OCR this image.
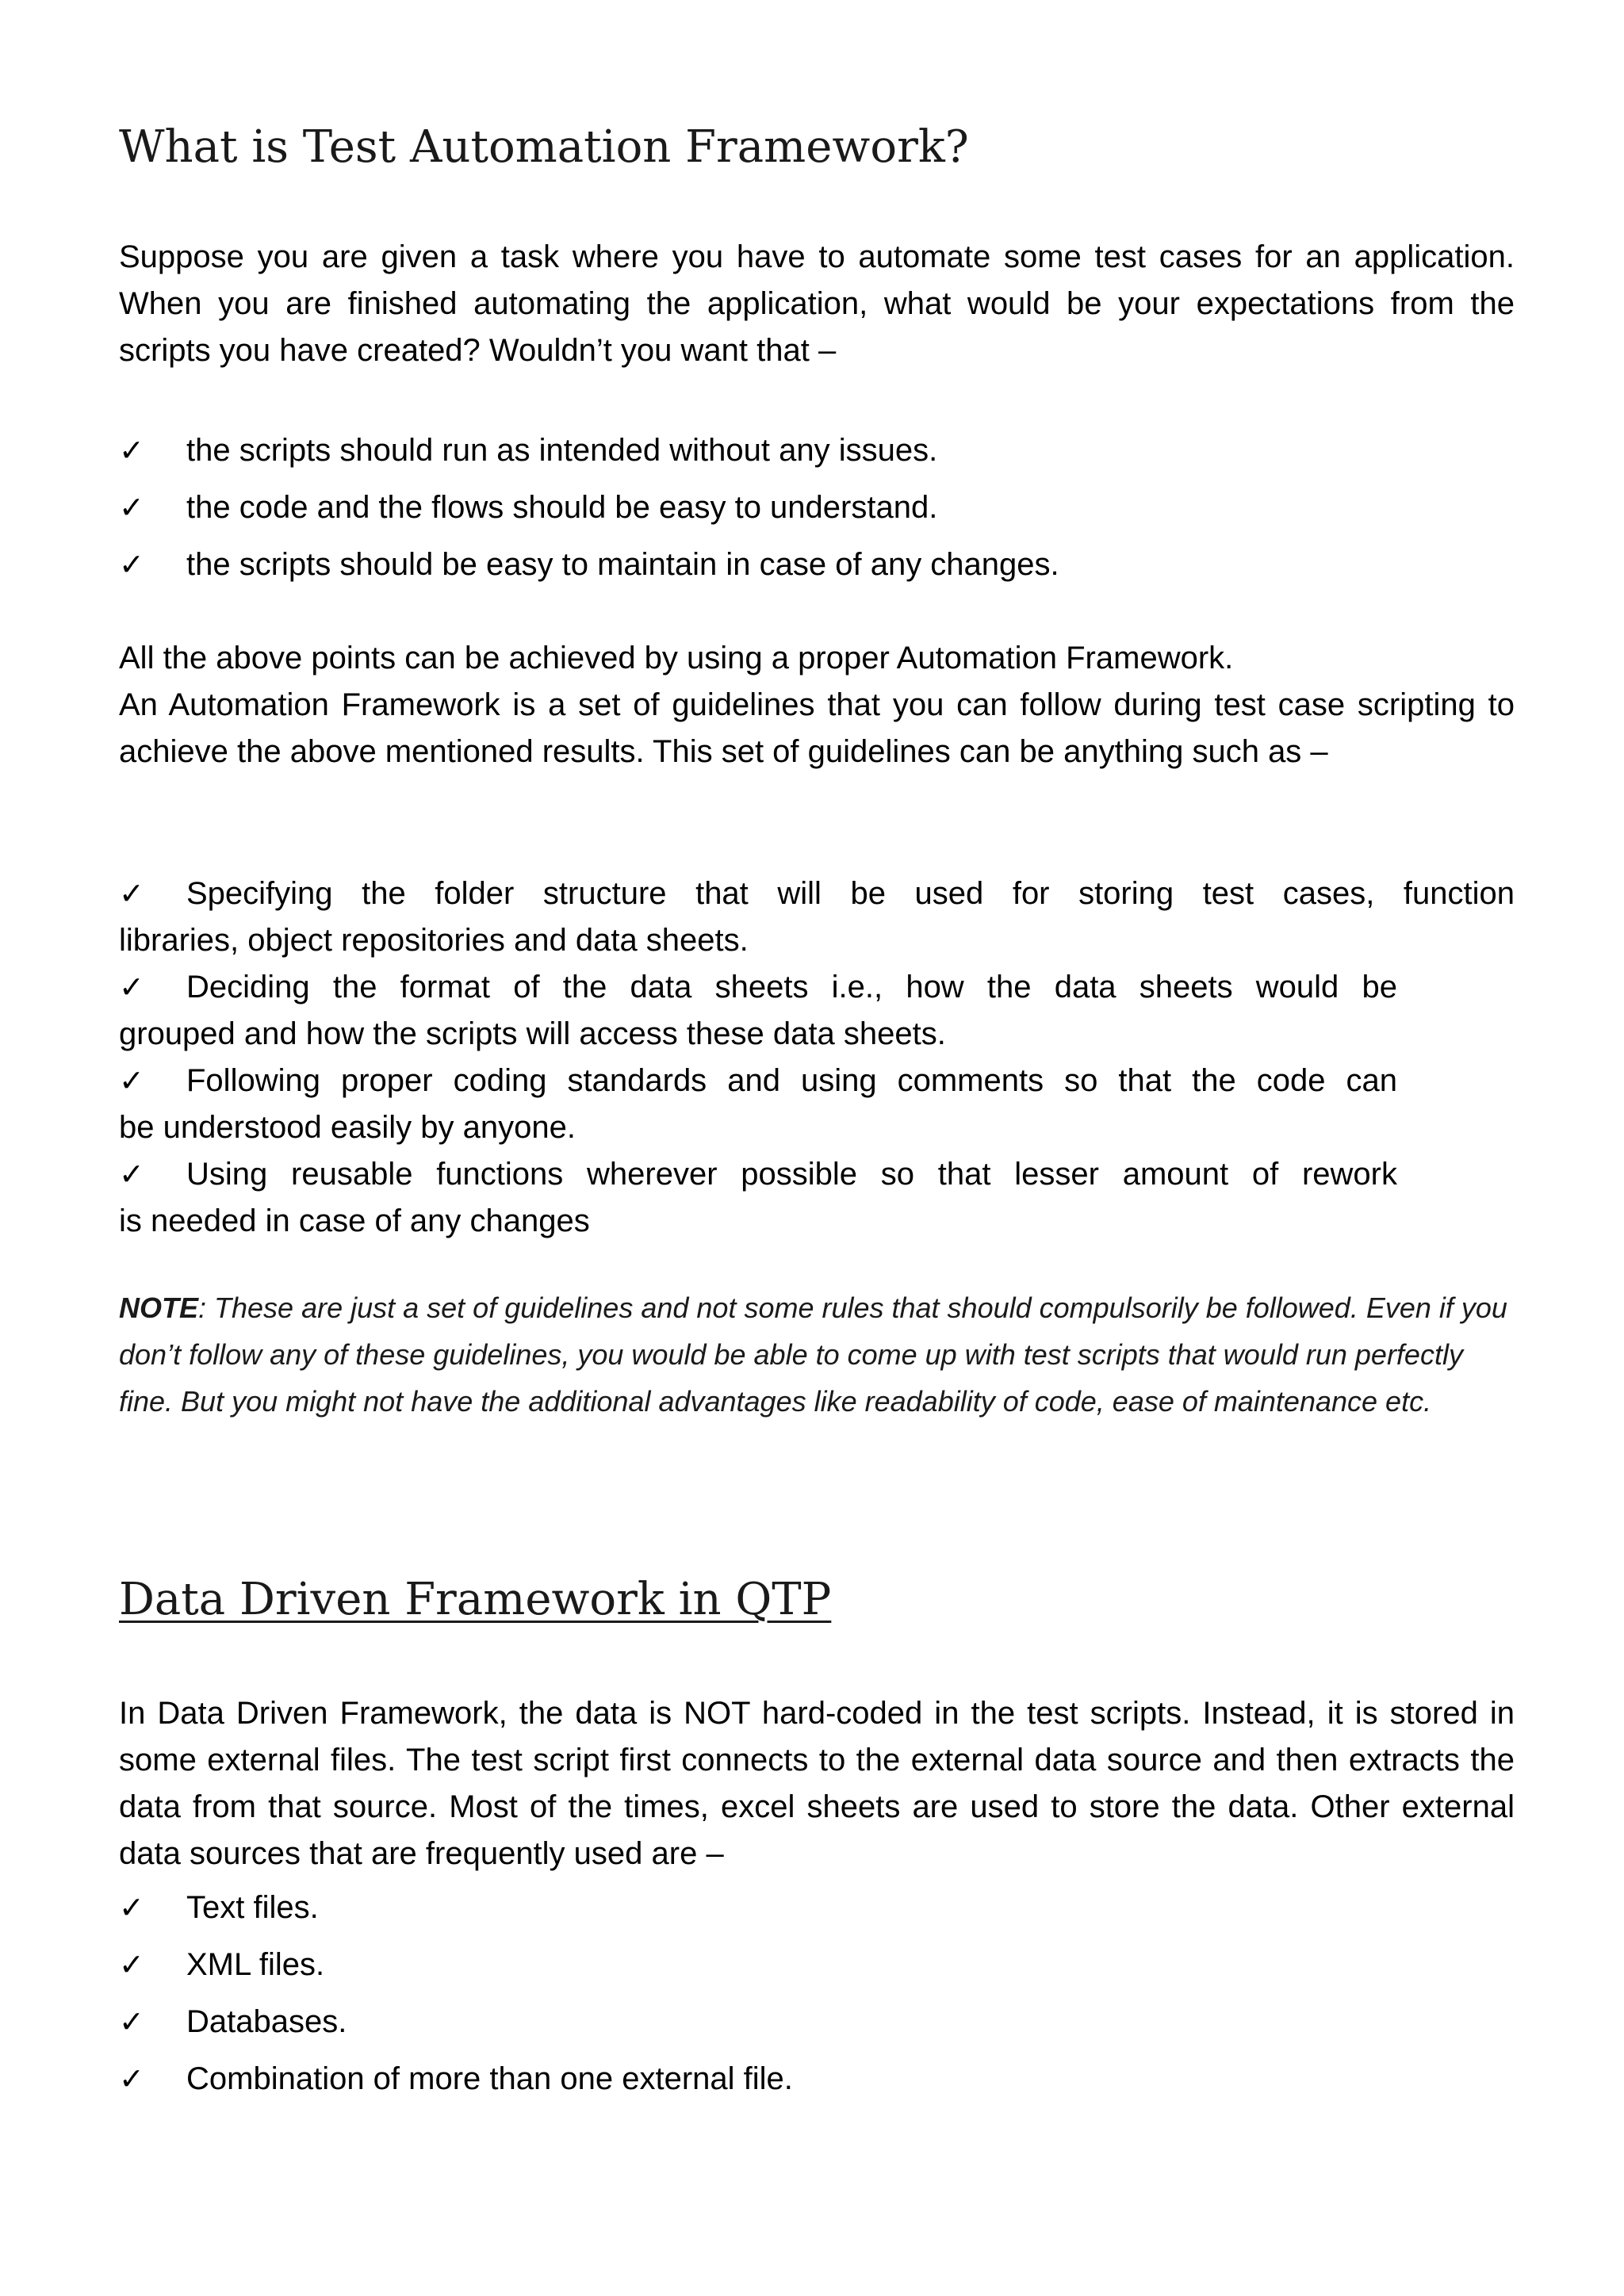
What is Test Automation Framework?

Suppose you are given a task where you have to automate some test cases for an application. When you are finished automating the application, what would be your expectations from the scripts you have created? Wouldn’t you want that –

✓ the scripts should run as intended without any issues.
✓ the code and the flows should be easy to understand.
✓ the scripts should be easy to maintain in case of any changes.

All the above points can be achieved by using a proper Automation Framework.

An Automation Framework is a set of guidelines that you can follow during test case scripting to achieve the above mentioned results. This set of guidelines can be anything such as –

✓ Specifying the folder structure that will be used for storing test cases, function
libraries, object repositories and data sheets.
✓ Deciding the format of the data sheets i.e., how the data sheets would be
grouped and how the scripts will access these data sheets.
✓ Following proper coding standards and using comments so that the code can
be understood easily by anyone.
✓ Using reusable functions wherever possible so that lesser amount of rework
is needed in case of any changes

NOTE: These are just a set of guidelines and not some rules that should compulsorily be followed. Even if you don’t follow any of these guidelines, you would be able to come up with test scripts that would run perfectly fine. But you might not have the additional advantages like readability of code, ease of maintenance etc.

Data Driven Framework in QTP

In Data Driven Framework, the data is NOT hard-coded in the test scripts. Instead, it is stored in some external files. The test script first connects to the external data source and then extracts the data from that source. Most of the times, excel sheets are used to store the data. Other external data sources that are frequently used are –

✓ Text files.
✓ XML files.
✓ Databases.
✓ Combination of more than one external file.
